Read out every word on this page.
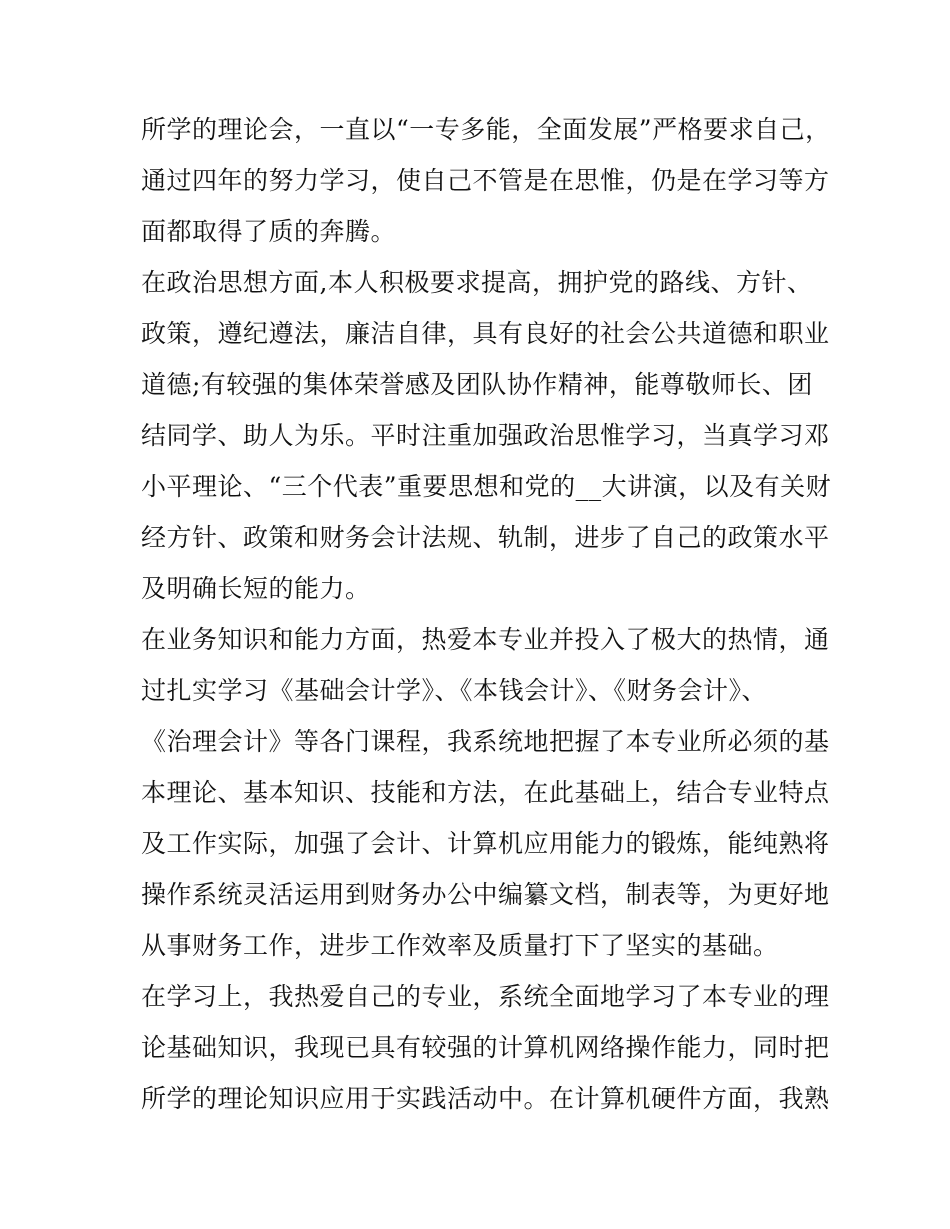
所学的理论会，一直以“一专多能，全面发展”严格要求自己，
通过四年的努力学习，使自己不管是在思惟，仍是在学习等方
面都取得了质的奔腾。
在政治思想方面,本人积极要求提高，拥护党的路线、方针、
政策，遵纪遵法，廉洁自律，具有良好的社会公共道德和职业
道德;有较强的集体荣誉感及团队协作精神，能尊敬师长、团
结同学、助人为乐。平时注重加强政治思惟学习，当真学习邓
小平理论、“三个代表”重要思想和党的__大讲演，以及有关财
经方针、政策和财务会计法规、轨制，进步了自己的政策水平
及明确长短的能力。
在业务知识和能力方面，热爱本专业并投入了极大的热情，通
过扎实学习《基础会计学》、《本钱会计》、《财务会计》、
《治理会计》等各门课程，我系统地把握了本专业所必须的基
本理论、基本知识、技能和方法，在此基础上，结合专业特点
及工作实际，加强了会计、计算机应用能力的锻炼，能纯熟将
操作系统灵活运用到财务办公中编纂文档，制表等，为更好地
从事财务工作，进步工作效率及质量打下了坚实的基础。
在学习上，我热爱自己的专业，系统全面地学习了本专业的理
论基础知识，我现已具有较强的计算机网络操作能力，同时把
所学的理论知识应用于实践活动中。在计算机硬件方面，我熟
